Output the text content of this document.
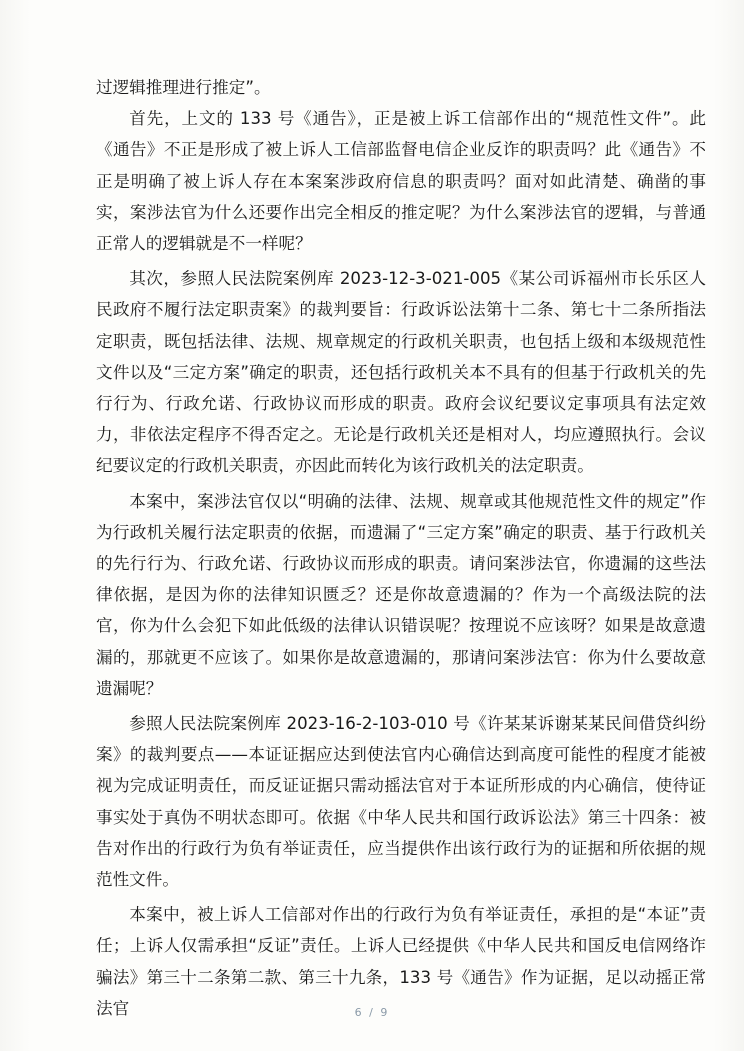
过逻辑推理进行推定”。

首先，上文的 133 号《通告》，正是被上诉工信部作出的“规范性文件”。此《通告》不正是形成了被上诉人工信部监督电信企业反诈的职责吗？此《通告》不正是明确了被上诉人存在本案案涉政府信息的职责吗？面对如此清楚、确凿的事实，案涉法官为什么还要作出完全相反的推定呢？为什么案涉法官的逻辑，与普通正常人的逻辑就是不一样呢？

其次，参照人民法院案例库 2023-12-3-021-005《某公司诉福州市长乐区人民政府不履行法定职责案》的裁判要旨：行政诉讼法第十二条、第七十二条所指法定职责，既包括法律、法规、规章规定的行政机关职责，也包括上级和本级规范性文件以及“三定方案”确定的职责，还包括行政机关本不具有的但基于行政机关的先行行为、行政允诺、行政协议而形成的职责。政府会议纪要议定事项具有法定效力，非依法定程序不得否定之。无论是行政机关还是相对人，均应遵照执行。会议纪要议定的行政机关职责，亦因此而转化为该行政机关的法定职责。

本案中，案涉法官仅以“明确的法律、法规、规章或其他规范性文件的规定”作为行政机关履行法定职责的依据，而遗漏了“三定方案”确定的职责、基于行政机关的先行行为、行政允诺、行政协议而形成的职责。请问案涉法官，你遗漏的这些法律依据，是因为你的法律知识匮乏？还是你故意遗漏的？作为一个高级法院的法官，你为什么会犯下如此低级的法律认识错误呢？按理说不应该呀？如果是故意遗漏的，那就更不应该了。如果你是故意遗漏的，那请问案涉法官：你为什么要故意遗漏呢？

参照人民法院案例库 2023-16-2-103-010 号《许某某诉谢某某民间借贷纠纷案》的裁判要点——本证证据应达到使法官内心确信达到高度可能性的程度才能被视为完成证明责任，而反证证据只需动摇法官对于本证所形成的内心确信，使待证事实处于真伪不明状态即可。依据《中华人民共和国行政诉讼法》第三十四条：被告对作出的行政行为负有举证责任，应当提供作出该行政行为的证据和所依据的规范性文件。

本案中，被上诉人工信部对作出的行政行为负有举证责任，承担的是“本证”责任；上诉人仅需承担“反证”责任。上诉人已经提供《中华人民共和国反电信网络诈骗法》第三十二条第二款、第三十九条，133 号《通告》作为证据，足以动摇正常法官	6 / 9
